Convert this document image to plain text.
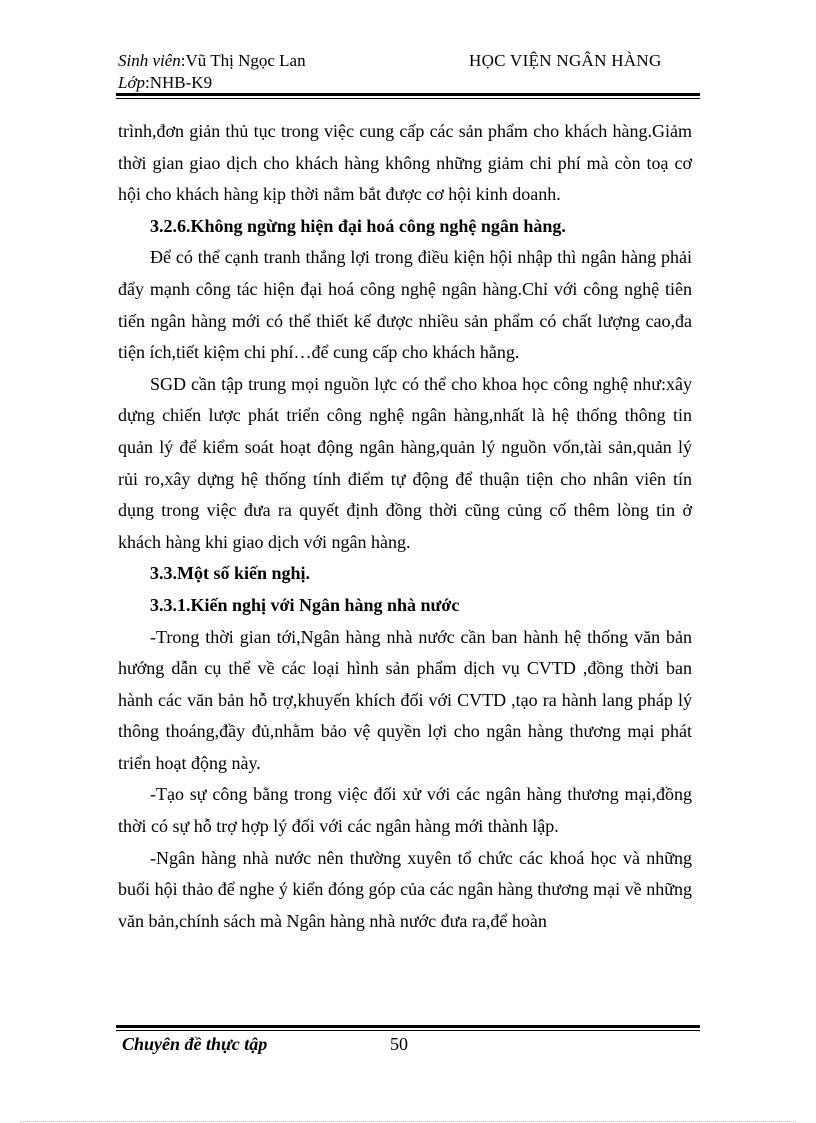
Sinh viên:Vũ Thị Ngọc Lan
Lớp:NHB-K9
HỌC VIỆN NGÂN HÀNG

trình,đơn giản thủ tục trong việc cung cấp các sản phẩm cho khách hàng.Giảm thời gian giao dịch cho khách hàng không những giảm chi phí mà còn toạ cơ hội cho khách hàng kịp thời nắm bắt được cơ hội kinh doanh.

3.2.6.Không ngừng hiện đại hoá công nghệ ngân hàng.

Để có thể cạnh tranh thắng lợi trong điều kiện hội nhập thì ngân hàng phải đẩy mạnh công tác hiện đại hoá công nghệ ngân hàng.Chỉ với công nghệ tiên tiến ngân hàng mới có thể thiết kế được nhiều sản phẩm có chất lượng cao,đa tiện ích,tiết kiệm chi phí…để cung cấp cho khách hằng.

SGD cần tập trung mọi nguồn lực có thể cho khoa học công nghệ như:xây dựng chiến lược phát triển công nghệ ngân hàng,nhất là hệ thống thông tin quản lý để kiểm soát hoạt động ngân hàng,quản lý nguồn vốn,tài sản,quản lý rủi ro,xây dựng hệ thống tính điểm tự động để thuận tiện cho nhân viên tín dụng trong việc đưa ra quyết định đồng thời cũng củng cố thêm lòng tin ở khách hàng khi giao dịch với ngân hàng.

3.3.Một số kiến nghị.

3.3.1.Kiến nghị với Ngân hàng nhà nước

-Trong thời gian tới,Ngân hàng nhà nước cần ban hành hệ thống văn bản hướng dẫn cụ thể về các loại hình sản phẩm dịch vụ CVTD ,đồng thời ban hành các văn bản hỗ trợ,khuyến khích đối với CVTD ,tạo ra hành lang pháp lý thông thoáng,đầy đủ,nhằm bảo vệ quyền lợi cho ngân hàng thương mại phát triển hoạt động này.

-Tạo sự công bằng trong việc đối xử với các ngân hàng thương mại,đồng thời có sự hỗ trợ hợp lý đối với các ngân hàng mới thành lập.

-Ngân hàng nhà nước nên thường xuyên tổ chức các khoá học và những buổi hội thảo để nghe ý kiến đóng góp của các ngân hàng thương mại về những văn bản,chính sách mà Ngân hàng nhà nước đưa ra,để hoàn

Chuyên đề thực tập	50
